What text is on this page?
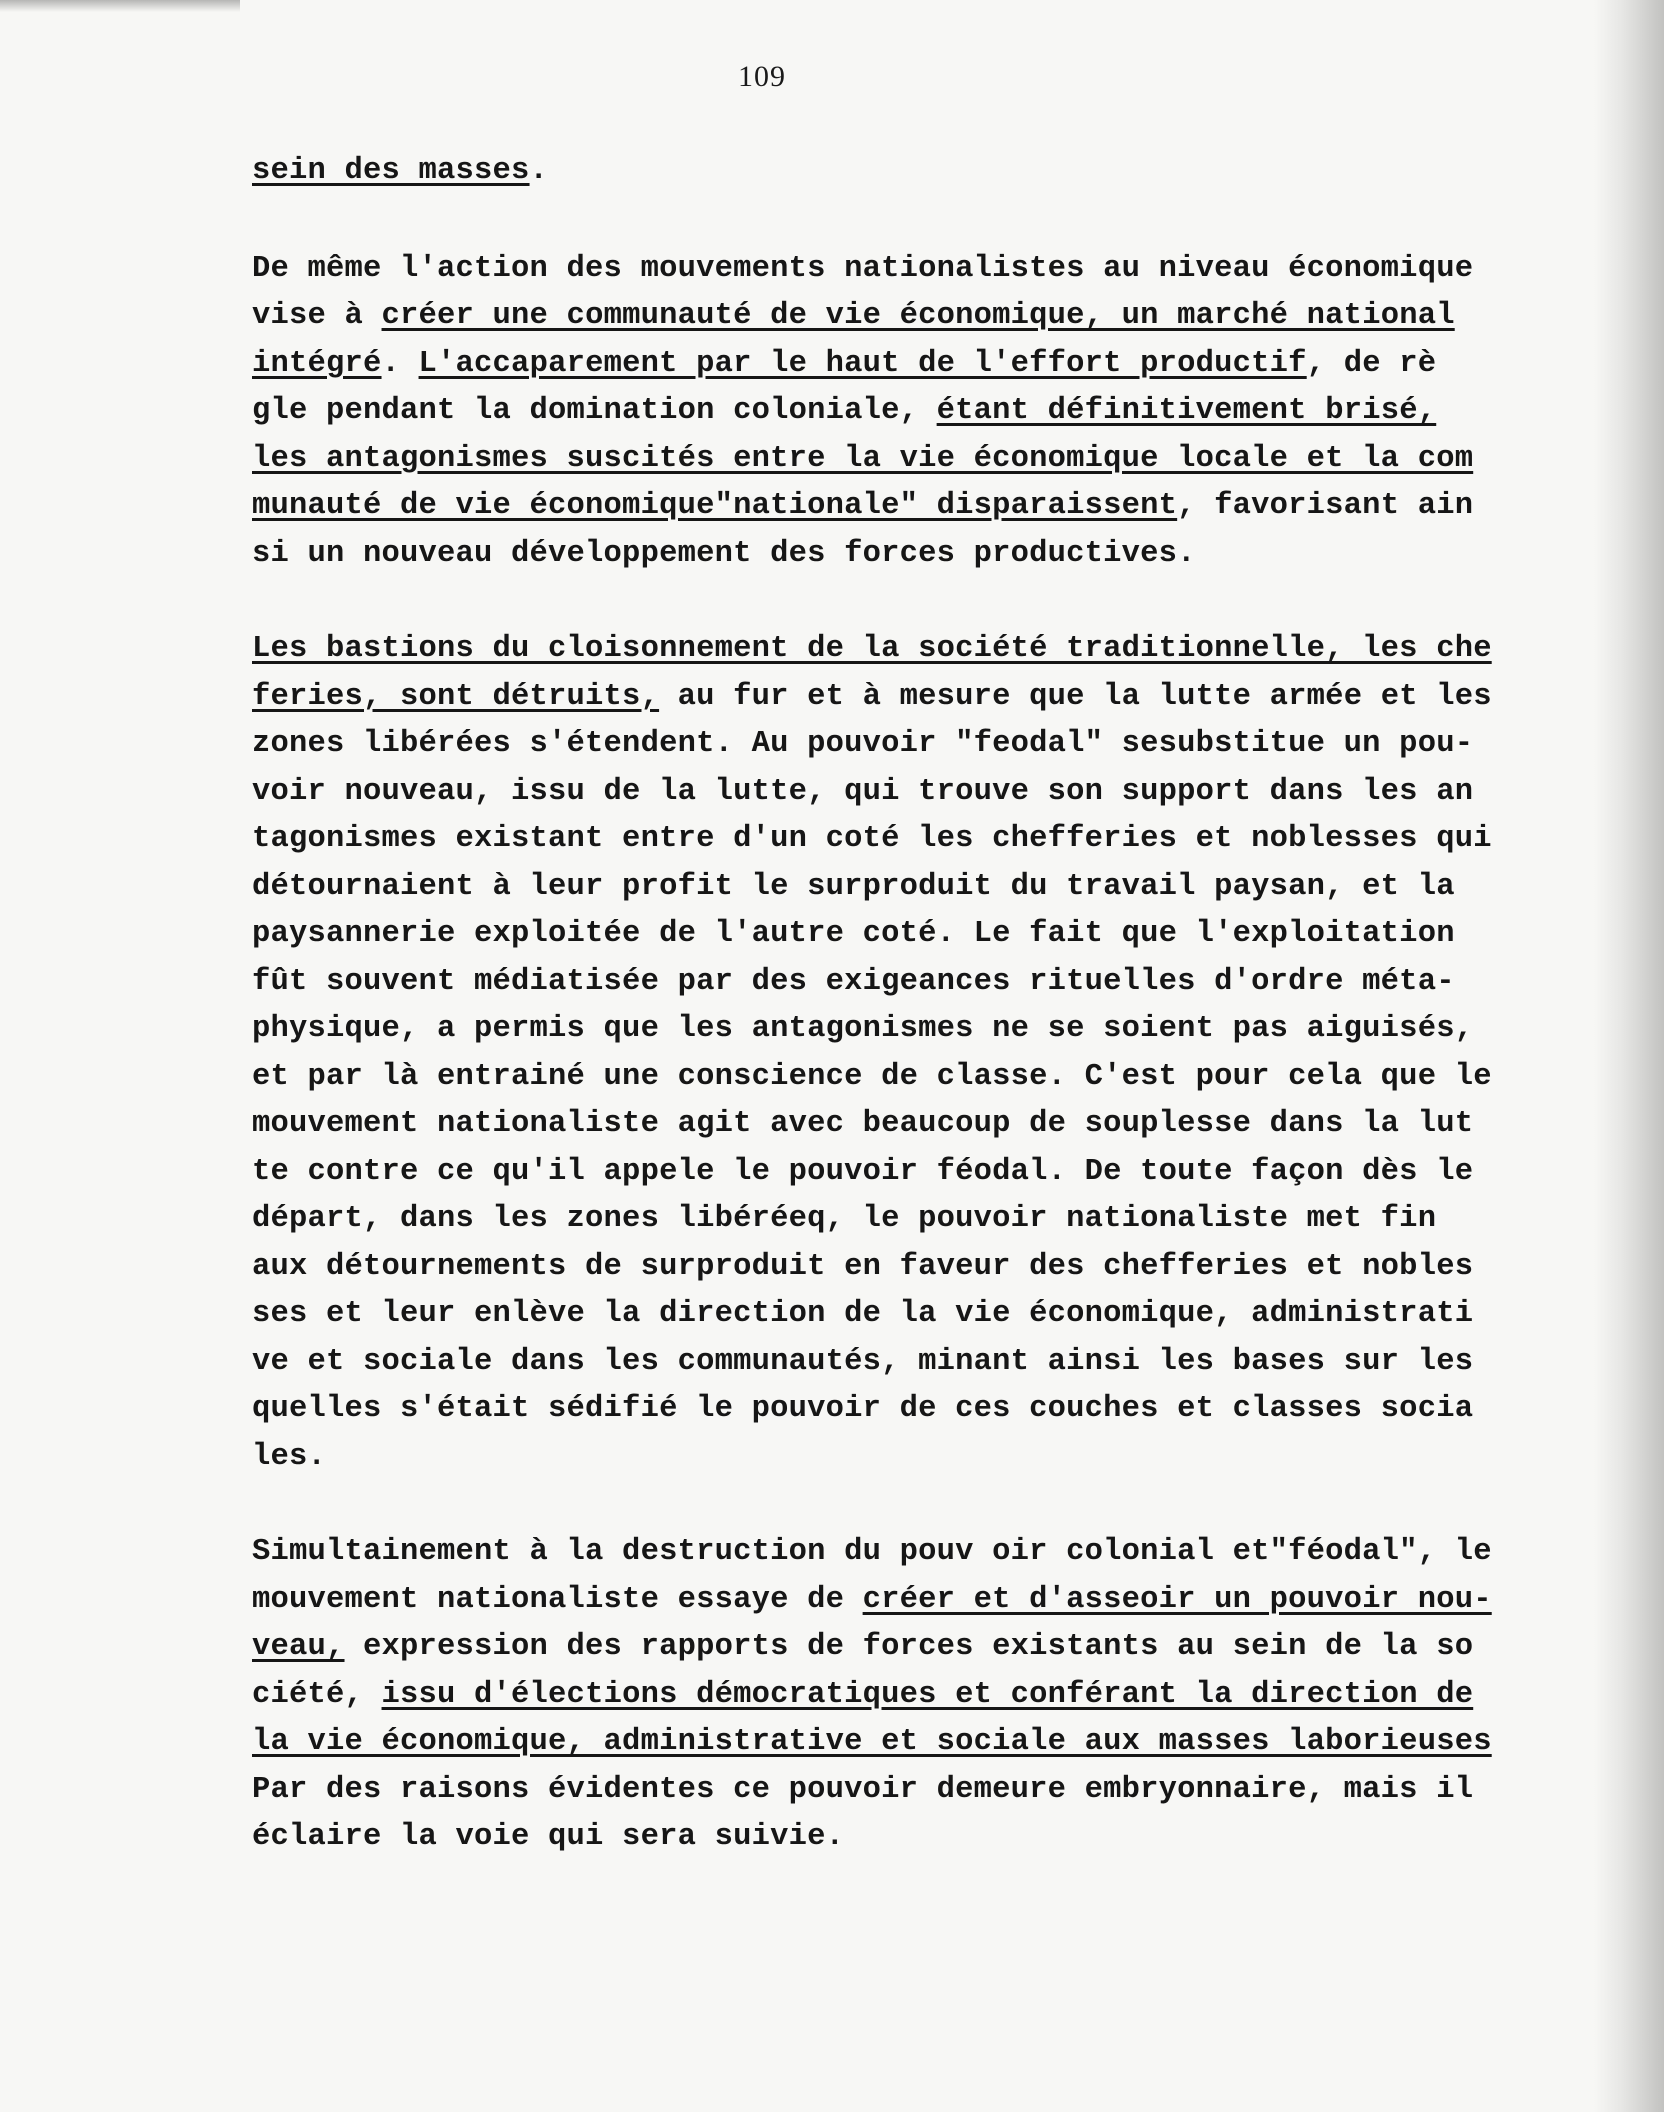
109
sein des masses.
De même l'action des mouvements nationalistes au niveau économique
vise à créer une communauté de vie économique, un marché national
intégré. L'accaparement par le haut de l'effort productif, de rè
gle pendant la domination coloniale, étant définitivement brisé,
les antagonismes suscités entre la vie économique locale et la com
munauté de vie économique"nationale" disparaissent, favorisant ain
si un nouveau développement des forces productives.
Les bastions du cloisonnement de la société traditionnelle, les che
feries, sont détruits, au fur et à mesure que la lutte armée et les
zones libérées s'étendent. Au pouvoir "feodal" sesubstitue un pou-
voir nouveau, issu de la lutte, qui trouve son support dans les an
tagonismes existant entre d'un coté les chefferies et noblesses qui
détournaient à leur profit le surproduit du travail paysan, et la
paysannerie exploitée de l'autre coté. Le fait que l'exploitation
fût souvent médiatisée par des exigeances rituelles d'ordre méta-
physique, a permis que les antagonismes ne se soient pas aiguisés,
et par là entrainé une conscience de classe. C'est pour cela que le
mouvement nationaliste agit avec beaucoup de souplesse dans la lut
te contre ce qu'il appele le pouvoir féodal. De toute façon dès le
départ, dans les zones libéréeq, le pouvoir nationaliste met fin
aux détournements de surproduit en faveur des chefferies et nobles
ses et leur enlève la direction de la vie économique, administrati
ve et sociale dans les communautés, minant ainsi les bases sur les
quelles s'était sédifié le pouvoir de ces couches et classes socia
les.
Simultainement à la destruction du pouv oir colonial et"féodal", le
mouvement nationaliste essaye de créer et d'asseoir un pouvoir nou-
veau, expression des rapports de forces existants au sein de la so
ciété, issu d'élections démocratiques et conférant la direction de
la vie économique, administrative et sociale aux masses laborieuses
Par des raisons évidentes ce pouvoir demeure embryonnaire, mais il
éclaire la voie qui sera suivie.
